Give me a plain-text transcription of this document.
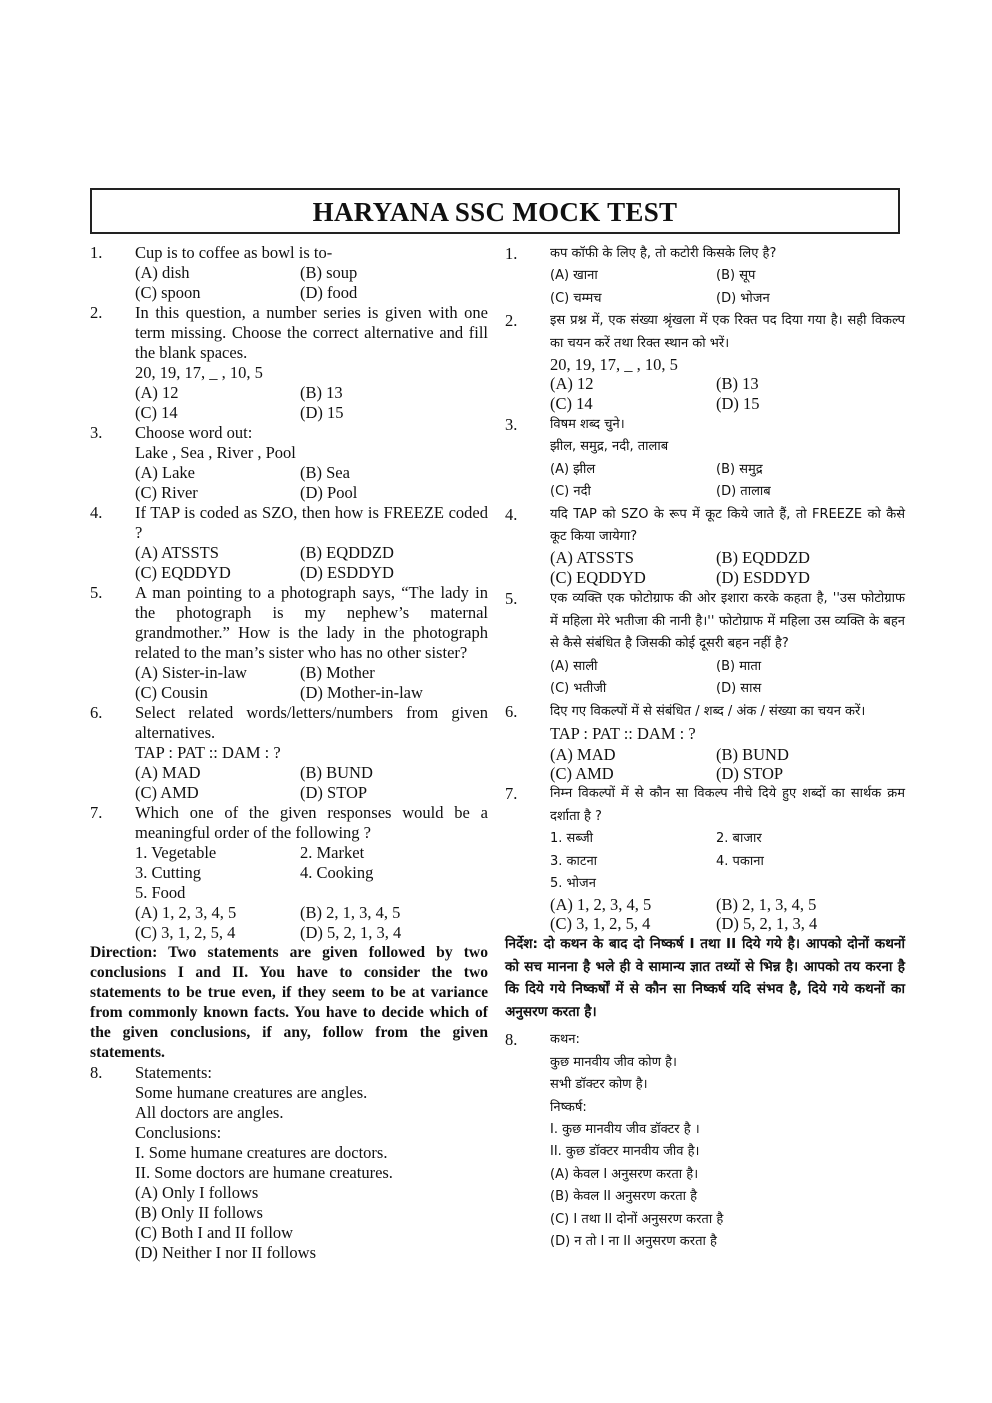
HARYANA SSC MOCK TEST
1. Cup is to coffee as bowl is to-
(A) dish	(B) soup
(C) spoon	(D) food
2. In this question, a number series is given with one term missing. Choose the correct alternative and fill the blank spaces.
20, 19, 17, _ , 10, 5
(A) 12	(B) 13
(C) 14	(D) 15
3. Choose word out:
Lake , Sea , River , Pool
(A) Lake	(B) Sea
(C) River	(D) Pool
4. If TAP is coded as SZO, then how is FREEZE coded ?
(A) ATSSTS	(B) EQDDZD
(C) EQDDYD	(D) ESDDYD
5. A man pointing to a photograph says, “The lady in the photograph is my nephew’s maternal grandmother.” How is the lady in the photograph related to the man’s sister who has no other sister?
(A) Sister-in-law	(B) Mother
(C) Cousin	(D) Mother-in-law
6. Select related words/letters/numbers from given alternatives.
TAP : PAT :: DAM : ?
(A) MAD	(B) BUND
(C) AMD	(D) STOP
7. Which one of the given responses would be a meaningful order of the following ?
1. Vegetable	2. Market
3. Cutting	4. Cooking
5. Food
(A) 1, 2, 3, 4, 5	(B) 2, 1, 3, 4, 5
(C) 3, 1, 2, 5, 4	(D) 5, 2, 1, 3, 4

Direction: Two statements are given followed by two conclusions I and II. You have to consider the two statements to be true even, if they seem to be at variance from commonly known facts. You have to decide which of the given conclusions, if any, follow from the given statements.

8. Statements:
Some humane creatures are angles.
All doctors are angles.
Conclusions:
I. Some humane creatures are doctors.
II. Some doctors are humane creatures.
(A) Only I follows
(B) Only II follows
(C) Both I and II follow
(D) Neither I nor II follows
1.	कप कॉफी के लिए है, तो कटोरी किसके लिए है?
(A) खाना	(B) सूप
(C) चम्मच	(D) भोजन
2.	इस प्रश्न में, एक संख्या श्रृंखला में एक रिक्त पद दिया गया है। सही विकल्प का चयन करें तथा रिक्त स्थान को भरें।
20, 19, 17, _ , 10, 5
(A) 12	(B) 13
(C) 14	(D) 15
3.	विषम शब्द चुने।
झील, समुद्र, नदी, तालाब
(A) झील	(B) समुद्र
(C) नदी	(D) तालाब
4.	यदि TAP को SZO के रूप में कूट किये जाते हैं, तो FREEZE को कैसे कूट किया जायेगा?
(A) ATSSTS	(B) EQDDZD
(C) EQDDYD	(D) ESDDYD
5.	एक व्यक्ति एक फोटोग्राफ की ओर इशारा करके कहता है, ''उस फोटोग्राफ में महिला मेरे भतीजा की नानी है।'' फोटोग्राफ में महिला उस व्यक्ति के बहन से कैसे संबंधित है जिसकी कोई दूसरी बहन नहीं है?
(A) साली	(B) माता
(C) भतीजी	(D) सास
6.	दिए गए विकल्पों में से संबंधित / शब्द / अंक / संख्या का चयन करें।
TAP : PAT :: DAM : ?
(A) MAD	(B) BUND
(C) AMD	(D) STOP
7.	निम्न विकल्पों में से कौन सा विकल्प नीचे दिये हुए शब्दों का सार्थक क्रम दर्शाता है ?
1. सब्जी	2. बाजार
3. काटना	4. पकाना
5. भोजन
(A) 1, 2, 3, 4, 5	(B) 2, 1, 3, 4, 5
(C) 3, 1, 2, 5, 4	(D) 5, 2, 1, 3, 4

निर्देश: दो कथन के बाद दो निष्कर्ष I तथा II दिये गये है। आपको दोनों कथनों को सच मानना है भले ही वे सामान्य ज्ञात तथ्यों से भिन्न है। आपको तय करना है कि दिये गये निष्कर्षों में से कौन सा निष्कर्ष यदि संभव है, दिये गये कथनों का अनुसरण करता है।

8.	कथन:
कुछ मानवीय जीव कोण है।
सभी डॉक्टर कोण है।
निष्कर्ष:
I. कुछ मानवीय जीव डॉक्टर है ।
II. कुछ डॉक्टर मानवीय जीव है।
(A) केवल I अनुसरण करता है।
(B) केवल II अनुसरण करता है
(C) I तथा II दोनों अनुसरण करता है
(D) न तो I ना II अनुसरण करता है
